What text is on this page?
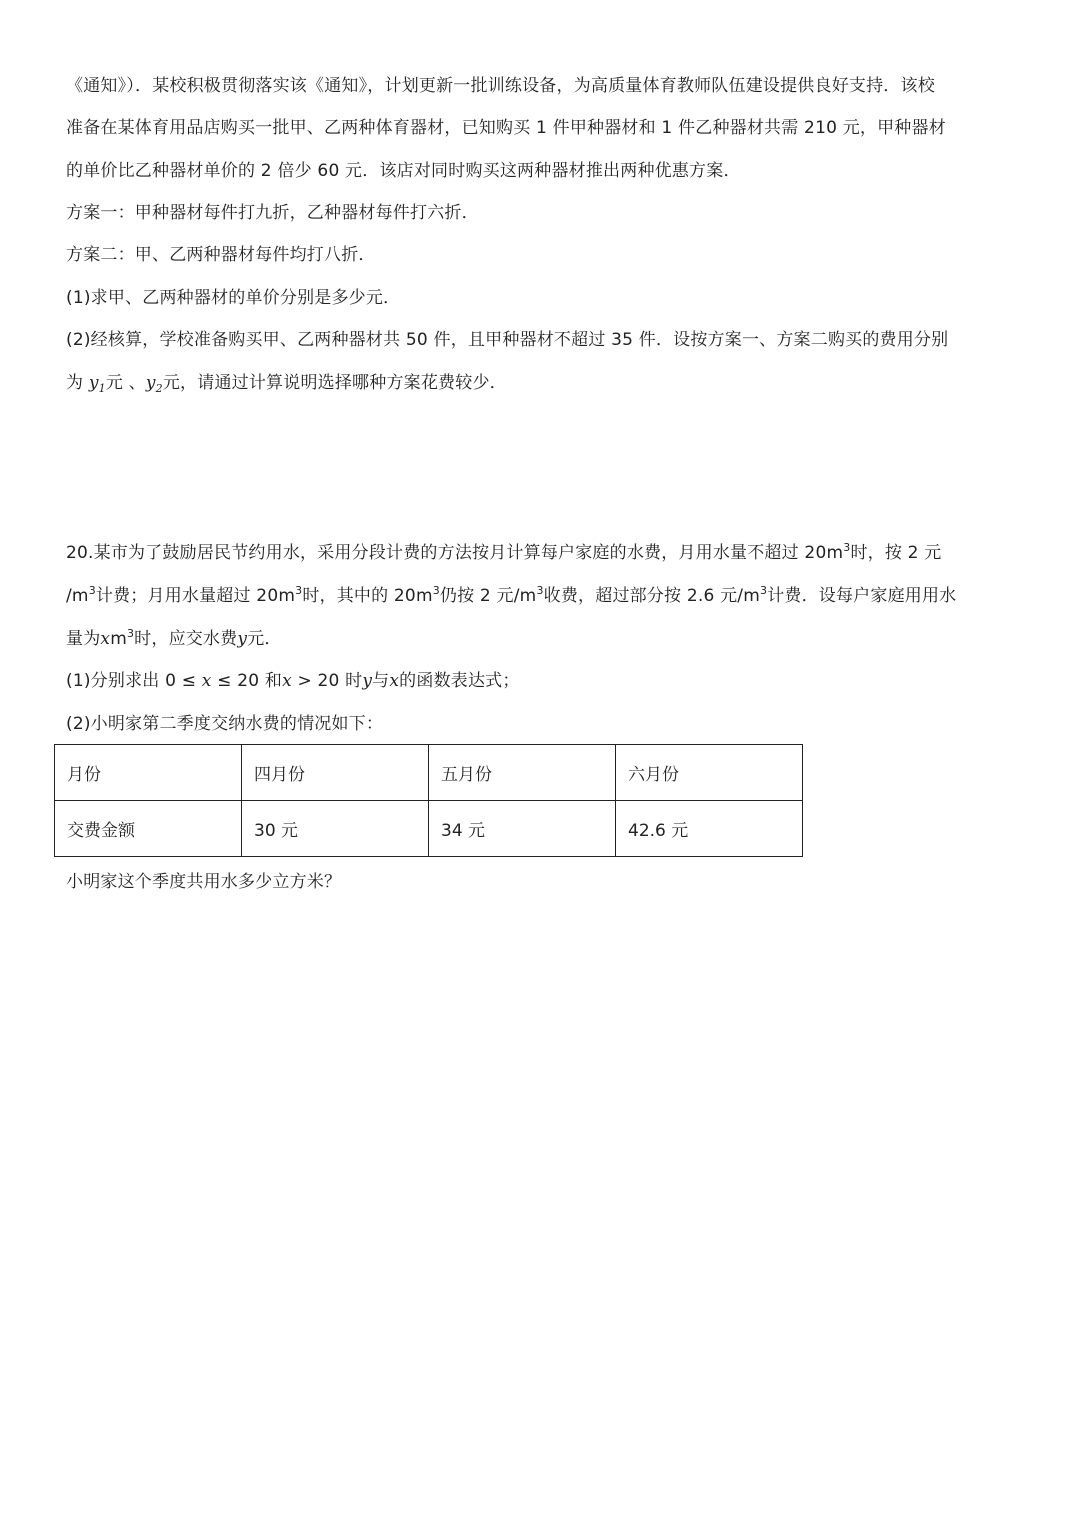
《通知》）．某校积极贯彻落实该《通知》，计划更新一批训练设备，为高质量体育教师队伍建设提供良好支持．该校
准备在某体育用品店购买一批甲、乙两种体育器材，已知购买 1 件甲种器材和 1 件乙种器材共需 210 元，甲种器材
的单价比乙种器材单价的 2 倍少 60 元．该店对同时购买这两种器材推出两种优惠方案．
方案一：甲种器材每件打九折，乙种器材每件打六折．
方案二：甲、乙两种器材每件均打八折．
(1)求甲、乙两种器材的单价分别是多少元．
(2)经核算，学校准备购买甲、乙两种器材共 50 件，且甲种器材不超过 35 件．设按方案一、方案二购买的费用分别
为 $y_1$元 、$y_2$元，请通过计算说明选择哪种方案花费较少．
20.某市为了鼓励居民节约用水，采用分段计费的方法按月计算每户家庭的水费，月用水量不超过 $20m^3$时，按 2 元
$/m^3$计费；月用水量超过 $20m^3$时，其中的 $20m^3$仍按 2 元$/m^3$收费，超过部分按 2.6 元$/m^3$计费．设每户家庭用用水
量为$xm^3$时，应交水费y元．
(1)分别求出 0 ≤ x ≤ 20 和x > 20 时y与x的函数表达式；
(2)小明家第二季度交纳水费的情况如下：
月份	四月份	五月份	六月份
交费金额	30 元	34 元	42.6 元
小明家这个季度共用水多少立方米？
